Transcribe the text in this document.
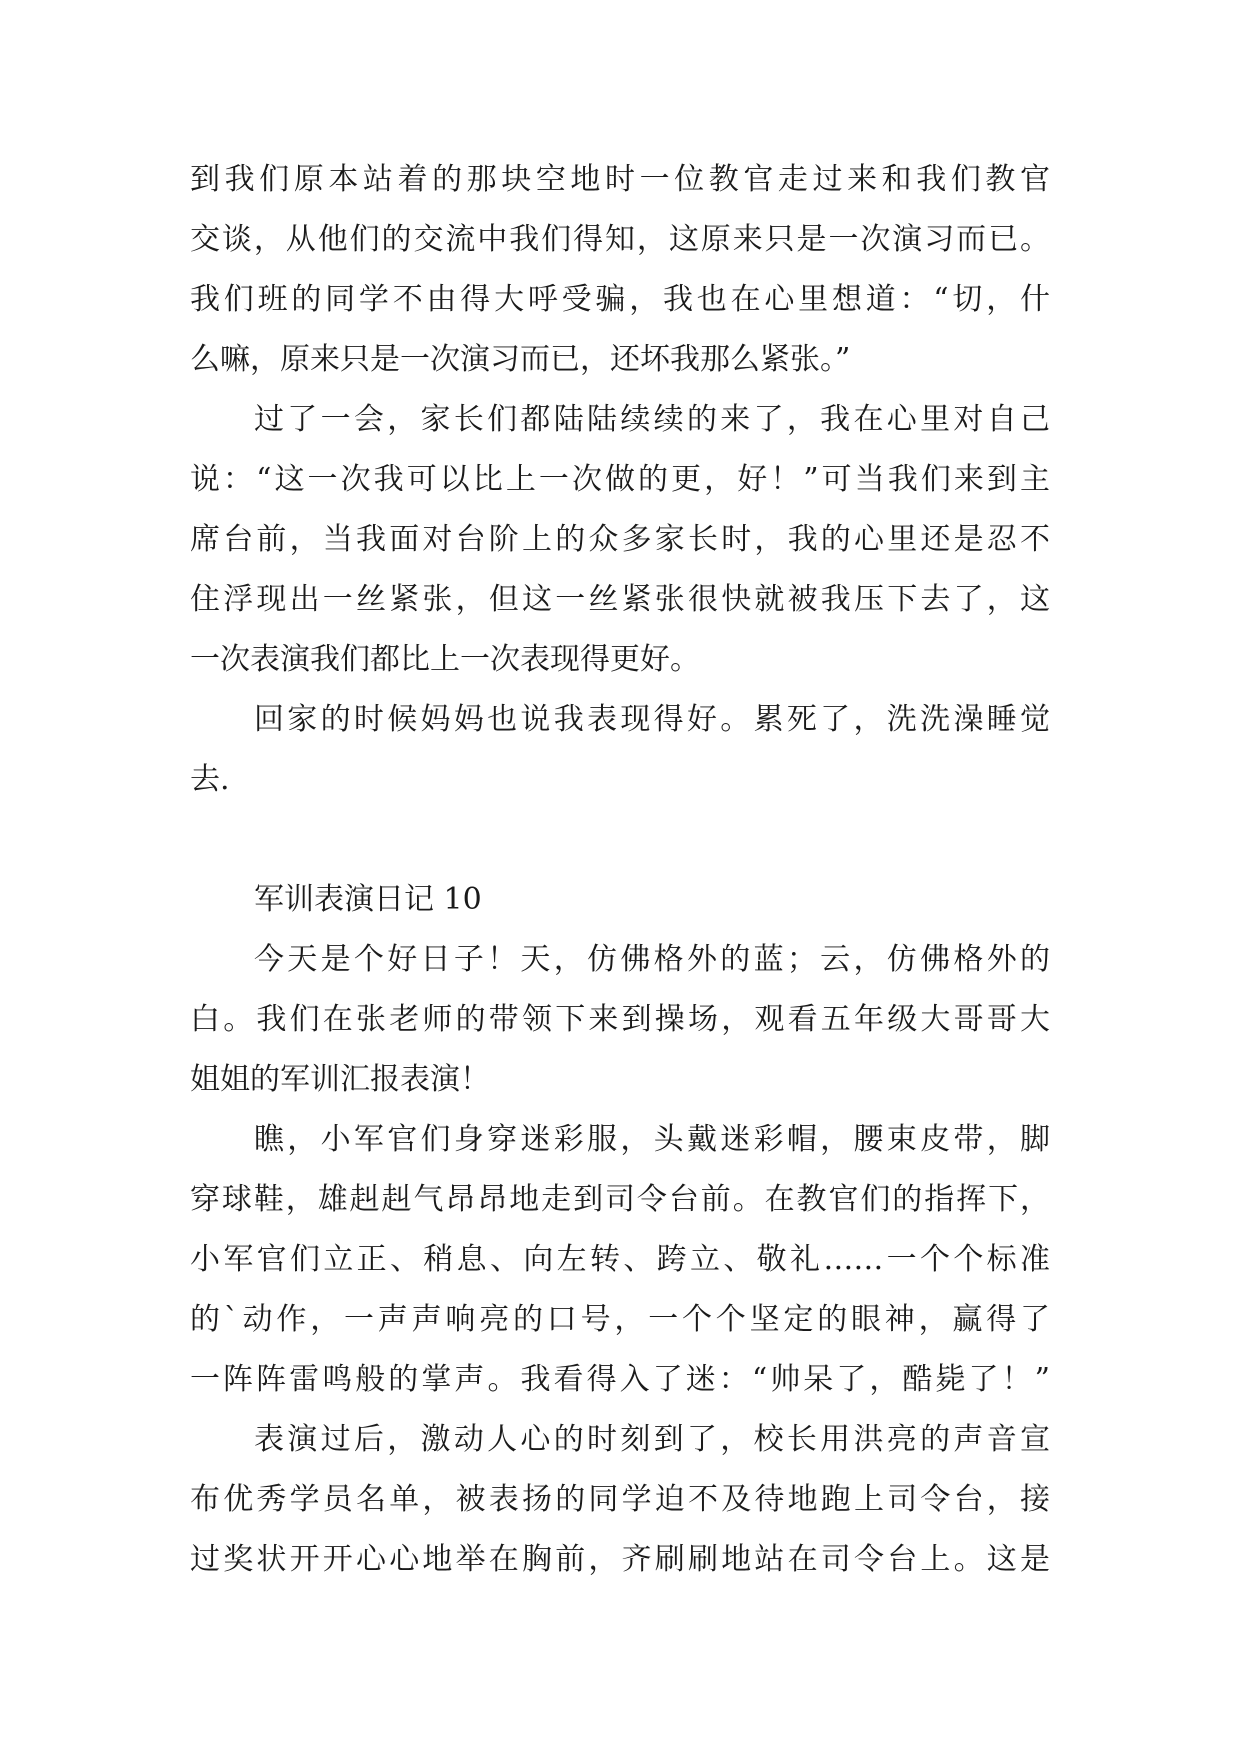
到我们原本站着的那块空地时一位教官走过来和我们教官
交谈，从他们的交流中我们得知，这原来只是一次演习而已。
我们班的同学不由得大呼受骗，我也在心里想道：“切，什
么嘛，原来只是一次演习而已，还坏我那么紧张。”
过了一会，家长们都陆陆续续的来了，我在心里对自己
说：“这一次我可以比上一次做的更，好！”可当我们来到主
席台前，当我面对台阶上的众多家长时，我的心里还是忍不
住浮现出一丝紧张，但这一丝紧张很快就被我压下去了，这
一次表演我们都比上一次表现得更好。
回家的时候妈妈也说我表现得好。累死了，洗洗澡睡觉
去.
军训表演日记 10
今天是个好日子！天，仿佛格外的蓝；云，仿佛格外的
白。我们在张老师的带领下来到操场，观看五年级大哥哥大
姐姐的军训汇报表演！
瞧，小军官们身穿迷彩服，头戴迷彩帽，腰束皮带，脚
穿球鞋，雄赳赳气昂昂地走到司令台前。在教官们的指挥下，
小军官们立正、稍息、向左转、跨立、敬礼……一个个标准
的`动作，一声声响亮的口号，一个个坚定的眼神，赢得了
一阵阵雷鸣般的掌声。我看得入了迷：“帅呆了，酷毙了！”
表演过后，激动人心的时刻到了，校长用洪亮的声音宣
布优秀学员名单，被表扬的同学迫不及待地跑上司令台，接
过奖状开开心心地举在胸前，齐刷刷地站在司令台上。这是
